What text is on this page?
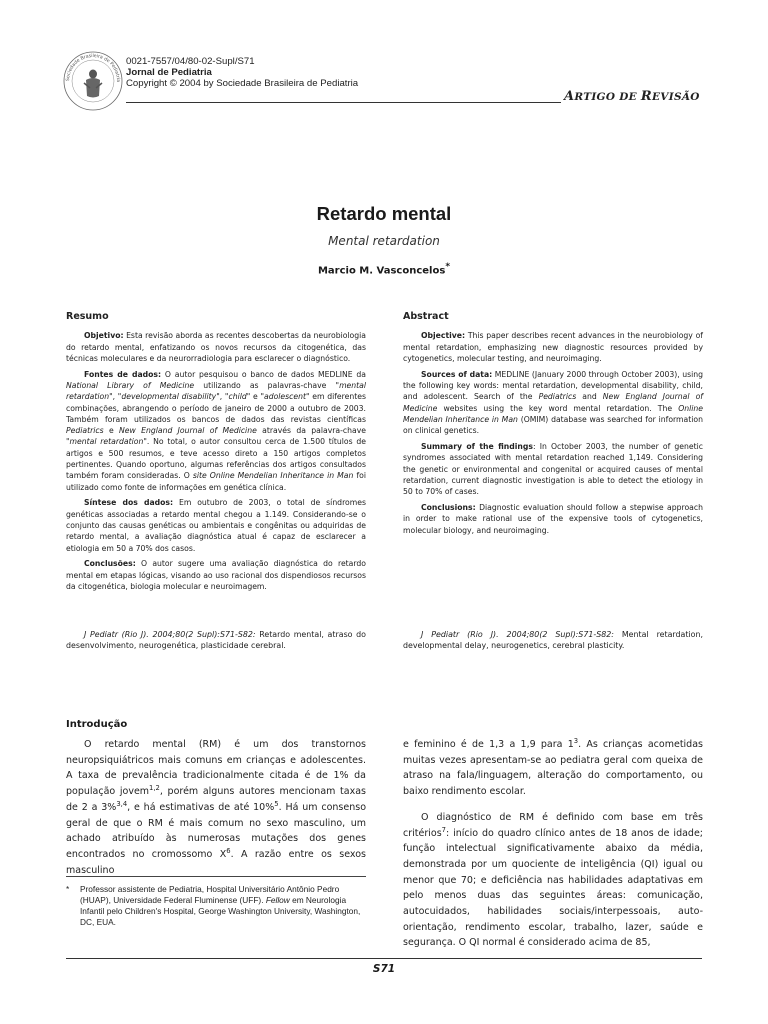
Sociedade Brasileira de Pediatria
0021-7557/04/80-02-Supl/S71
Jornal de Pediatria
Copyright © 2004 by Sociedade Brasileira de Pediatria
ARTIGO DE REVISÃO
Retardo mental
Mental retardation
Marcio M. Vasconcelos*
Resumo

Objetivo: Esta revisão aborda as recentes descobertas da neurobiologia do retardo mental, enfatizando os novos recursos da citogenética, das técnicas moleculares e da neurorradiologia para esclarecer o diagnóstico.

Fontes de dados: O autor pesquisou o banco de dados MEDLINE da National Library of Medicine utilizando as palavras-chave "mental retardation", "developmental disability", "child" e "adolescent" em diferentes combinações, abrangendo o período de janeiro de 2000 a outubro de 2003. Também foram utilizados os bancos de dados das revistas científicas Pediatrics e New England Journal of Medicine através da palavra-chave "mental retardation". No total, o autor consultou cerca de 1.500 títulos de artigos e 500 resumos, e teve acesso direto a 150 artigos completos pertinentes. Quando oportuno, algumas referências dos artigos consultados também foram consideradas. O site Online Mendelian Inheritance in Man foi utilizado como fonte de informações em genética clínica.

Síntese dos dados: Em outubro de 2003, o total de síndromes genéticas associadas a retardo mental chegou a 1.149. Considerando-se o conjunto das causas genéticas ou ambientais e congênitas ou adquiridas de retardo mental, a avaliação diagnóstica atual é capaz de esclarecer a etiologia em 50 a 70% dos casos.

Conclusões: O autor sugere uma avaliação diagnóstica do retardo mental em etapas lógicas, visando ao uso racional dos dispendiosos recursos da citogenética, biologia molecular e neuroimagem.

J Pediatr (Rio J). 2004;80(2 Supl):S71-S82: Retardo mental, atraso do desenvolvimento, neurogenética, plasticidade cerebral.
Abstract

Objective: This paper describes recent advances in the neurobiology of mental retardation, emphasizing new diagnostic resources provided by cytogenetics, molecular testing, and neuroimaging.

Sources of data: MEDLINE (January 2000 through October 2003), using the following key words: mental retardation, developmental disability, child, and adolescent. Search of the Pediatrics and New England Journal of Medicine websites using the key word mental retardation. The Online Mendelian Inheritance in Man (OMIM) database was searched for information on clinical genetics.

Summary of the findings: In October 2003, the number of genetic syndromes associated with mental retardation reached 1,149. Considering the genetic or environmental and congenital or acquired causes of mental retardation, current diagnostic investigation is able to detect the etiology in 50 to 70% of cases.

Conclusions: Diagnostic evaluation should follow a stepwise approach in order to make rational use of the expensive tools of cytogenetics, molecular biology, and neuroimaging.

J Pediatr (Rio J). 2004;80(2 Supl):S71-S82: Mental retardation, developmental delay, neurogenetics, cerebral plasticity.
Introdução

O retardo mental (RM) é um dos transtornos neuropsiquiátricos mais comuns em crianças e adolescentes. A taxa de prevalência tradicionalmente citada é de 1% da população jovem$^{1,2}$, porém alguns autores mencionam taxas de 2 a 3%$^{3,4}$, e há estimativas de até 10%$^5$. Há um consenso geral de que o RM é mais comum no sexo masculino, um achado atribuído às numerosas mutações dos genes encontrados no cromossomo $X^6$. A razão entre os sexos masculino

e feminino é de 1,3 a 1,9 para $1^3$. As crianças acometidas muitas vezes apresentam-se ao pediatra geral com queixa de atraso na fala/linguagem, alteração do comportamento, ou baixo rendimento escolar.

O diagnóstico de RM é definido com base em três critérios$^7$: início do quadro clínico antes de 18 anos de idade; função intelectual significativamente abaixo da média, demonstrada por um quociente de inteligência (QI) igual ou menor que 70; e deficiência nas habilidades adaptativas em pelo menos duas das seguintes áreas: comunicação, autocuidados, habilidades sociais/interpessoais, auto-orientação, rendimento escolar, trabalho, lazer, saúde e segurança. O QI normal é considerado acima de 85,

* Professor assistente de Pediatria, Hospital Universitário Antônio Pedro (HUAP), Universidade Federal Fluminense (UFF). Fellow em Neurologia Infantil pelo Children's Hospital, George Washington University, Washington, DC, EUA.
S71
